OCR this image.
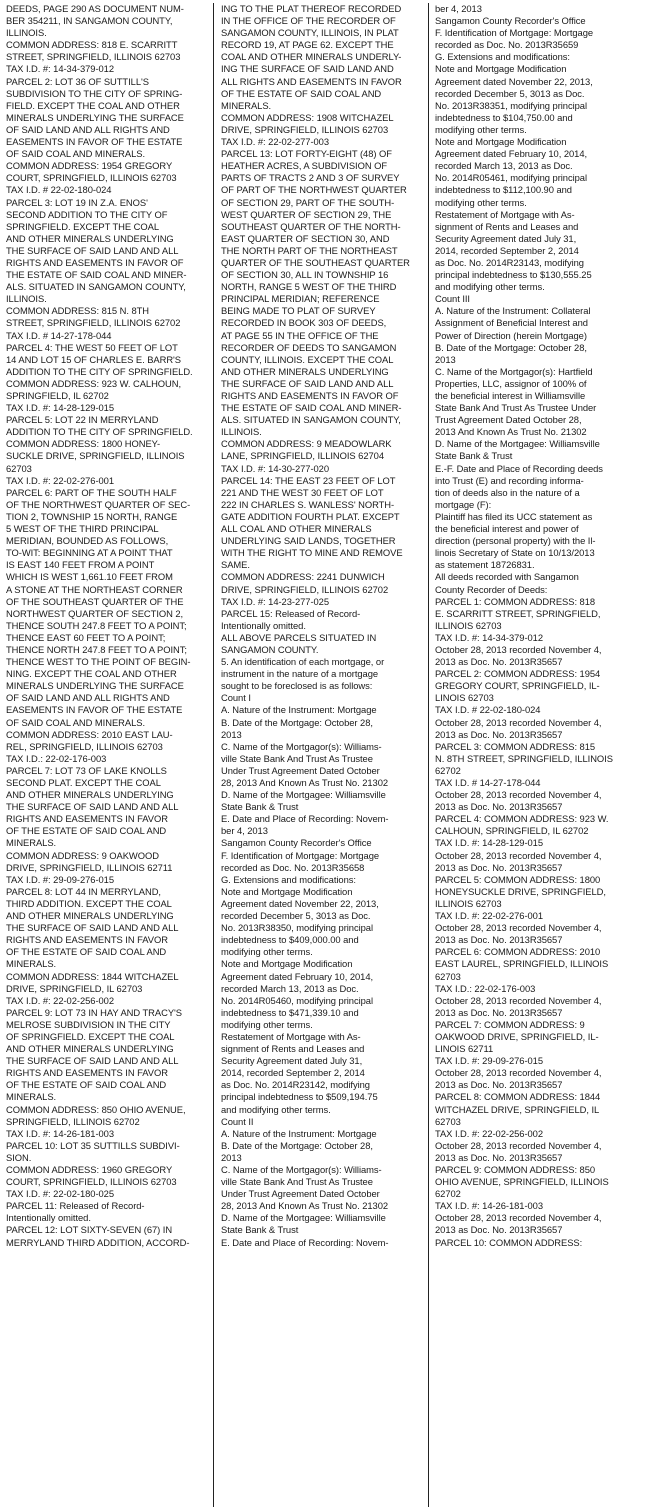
DEEDS, PAGE 290 AS DOCUMENT NUM-
BER 354211, IN SANGAMON COUNTY,
ILLINOIS.
COMMON ADDRESS: 818 E. SCARRITT
STREET, SPRINGFIELD, ILLINOIS 62703
TAX I.D. #: 14-34-379-012
PARCEL 2: LOT 36 OF SUTTILL'S
SUBDIVISION TO THE CITY OF SPRING-
FIELD. EXCEPT THE COAL AND OTHER
MINERALS UNDERLYING THE SURFACE
OF SAID LAND AND ALL RIGHTS AND
EASEMENTS IN FAVOR OF THE ESTATE
OF SAID COAL AND MINERALS.
COMMON ADDRESS: 1954 GREGORY
COURT, SPRINGFIELD, ILLINOIS 62703
TAX I.D. # 22-02-180-024
PARCEL 3: LOT 19 IN Z.A. ENOS'
SECOND ADDITION TO THE CITY OF
SPRINGFIELD. EXCEPT THE COAL
AND OTHER MINERALS UNDERLYING
THE SURFACE OF SAID LAND AND ALL
RIGHTS AND EASEMENTS IN FAVOR OF
THE ESTATE OF SAID COAL AND MINER-
ALS. SITUATED IN SANGAMON COUNTY,
ILLINOIS.
COMMON ADDRESS: 815 N. 8TH
STREET, SPRINGFIELD, ILLINOIS 62702
TAX I.D. # 14-27-178-044
PARCEL 4: THE WEST 50 FEET OF LOT
14 AND LOT 15 OF CHARLES E. BARR'S
ADDITION TO THE CITY OF SPRINGFIELD.
COMMON ADDRESS: 923 W. CALHOUN,
SPRINGFIELD, IL 62702
TAX I.D. #: 14-28-129-015
PARCEL 5: LOT 22 IN MERRYLAND
ADDITION TO THE CITY OF SPRINGFIELD.
COMMON ADDRESS: 1800 HONEY-
SUCKLE DRIVE, SPRINGFIELD, ILLINOIS
62703
TAX I.D. #: 22-02-276-001
PARCEL 6: PART OF THE SOUTH HALF
OF THE NORTHWEST QUARTER OF SEC-
TION 2, TOWNSHIP 15 NORTH, RANGE
5 WEST OF THE THIRD PRINCIPAL
MERIDIAN, BOUNDED AS FOLLOWS,
TO-WIT: BEGINNING AT A POINT THAT
IS EAST 140 FEET FROM A POINT
WHICH IS WEST 1,661.10 FEET FROM
A STONE AT THE NORTHEAST CORNER
OF THE SOUTHEAST QUARTER OF THE
NORTHWEST QUARTER OF SECTION 2,
THENCE SOUTH 247.8 FEET TO A POINT;
THENCE EAST 60 FEET TO A POINT;
THENCE NORTH 247.8 FEET TO A POINT;
THENCE WEST TO THE POINT OF BEGIN-
NING. EXCEPT THE COAL AND OTHER
MINERALS UNDERLYING THE SURFACE
OF SAID LAND AND ALL RIGHTS AND
EASEMENTS IN FAVOR OF THE ESTATE
OF SAID COAL AND MINERALS.
COMMON ADDRESS: 2010 EAST LAU-
REL, SPRINGFIELD, ILLINOIS 62703
TAX I.D.: 22-02-176-003
PARCEL 7: LOT 73 OF LAKE KNOLLS
SECOND PLAT. EXCEPT THE COAL
AND OTHER MINERALS UNDERLYING
THE SURFACE OF SAID LAND AND ALL
RIGHTS AND EASEMENTS IN FAVOR
OF THE ESTATE OF SAID COAL AND
MINERALS.
COMMON ADDRESS: 9 OAKWOOD
DRIVE, SPRINGFIELD, ILLINOIS 62711
TAX I.D. #: 29-09-276-015
PARCEL 8: LOT 44 IN MERRYLAND,
THIRD ADDITION. EXCEPT THE COAL
AND OTHER MINERALS UNDERLYING
THE SURFACE OF SAID LAND AND ALL
RIGHTS AND EASEMENTS IN FAVOR
OF THE ESTATE OF SAID COAL AND
MINERALS.
COMMON ADDRESS: 1844 WITCHAZEL
DRIVE, SPRINGFIELD, IL 62703
TAX I.D. #: 22-02-256-002
PARCEL 9: LOT 73 IN HAY AND TRACY'S
MELROSE SUBDIVISION IN THE CITY
OF SPRINGFIELD. EXCEPT THE COAL
AND OTHER MINERALS UNDERLYING
THE SURFACE OF SAID LAND AND ALL
RIGHTS AND EASEMENTS IN FAVOR
OF THE ESTATE OF SAID COAL AND
MINERALS.
COMMON ADDRESS: 850 OHIO AVENUE,
SPRINGFIELD, ILLINOIS 62702
TAX I.D. #: 14-26-181-003
PARCEL 10: LOT 35 SUTTILLS SUBDIVI-
SION.
COMMON ADDRESS: 1960 GREGORY
COURT, SPRINGFIELD, ILLINOIS 62703
TAX I.D. #: 22-02-180-025
PARCEL 11: Released of Record-
Intentionally omitted.
PARCEL 12: LOT SIXTY-SEVEN (67) IN
MERRYLAND THIRD ADDITION, ACCORD-
ING TO THE PLAT THEREOF RECORDED
IN THE OFFICE OF THE RECORDER OF
SANGAMON COUNTY, ILLINOIS, IN PLAT
RECORD 19, AT PAGE 62. EXCEPT THE
COAL AND OTHER MINERALS UNDERLY-
ING THE SURFACE OF SAID LAND AND
ALL RIGHTS AND EASEMENTS IN FAVOR
OF THE ESTATE OF SAID COAL AND
MINERALS.
COMMON ADDRESS: 1908 WITCHAZEL
DRIVE, SPRINGFIELD, ILLINOIS 62703
TAX I.D. #: 22-02-277-003
PARCEL 13: LOT FORTY-EIGHT (48) OF
HEATHER ACRES, A SUBDIVISION OF
PARTS OF TRACTS 2 AND 3 OF SURVEY
OF PART OF THE NORTHWEST QUARTER
OF SECTION 29, PART OF THE SOUTH-
WEST QUARTER OF SECTION 29, THE
SOUTHEAST QUARTER OF THE NORTH-
EAST QUARTER OF SECTION 30, AND
THE NORTH PART OF THE NORTHEAST
QUARTER OF THE SOUTHEAST QUARTER
OF SECTION 30, ALL IN TOWNSHIP 16
NORTH, RANGE 5 WEST OF THE THIRD
PRINCIPAL MERIDIAN; REFERENCE
BEING MADE TO PLAT OF SURVEY
RECORDED IN BOOK 303 OF DEEDS,
AT PAGE 55 IN THE OFFICE OF THE
RECORDER OF DEEDS TO SANGAMON
COUNTY, ILLINOIS. EXCEPT THE COAL
AND OTHER MINERALS UNDERLYING
THE SURFACE OF SAID LAND AND ALL
RIGHTS AND EASEMENTS IN FAVOR OF
THE ESTATE OF SAID COAL AND MINER-
ALS. SITUATED IN SANGAMON COUNTY,
ILLINOIS.
COMMON ADDRESS: 9 MEADOWLARK
LANE, SPRINGFIELD, ILLINOIS 62704
TAX I.D. #: 14-30-277-020
PARCEL 14: THE EAST 23 FEET OF LOT
221 AND THE WEST 30 FEET OF LOT
222 IN CHARLES S. WANLESS' NORTH-
GATE ADDITION FOURTH PLAT. EXCEPT
ALL COAL AND OTHER MINERALS
UNDERLYING SAID LANDS, TOGETHER
WITH THE RIGHT TO MINE AND REMOVE
SAME.
COMMON ADDRESS: 2241 DUNWICH
DRIVE, SPRINGFIELD, ILLINOIS 62702
TAX I.D. #: 14-23-277-025
PARCEL 15: Released of Record-
Intentionally omitted.
ALL ABOVE PARCELS SITUATED IN
SANGAMON COUNTY.
5. An identification of each mortgage, or
instrument in the nature of a mortgage
sought to be foreclosed is as follows:
Count I
A. Nature of the Instrument: Mortgage
B. Date of the Mortgage: October 28,
2013
C. Name of the Mortgagor(s): Williams-
ville State Bank And Trust As Trustee
Under Trust Agreement Dated October
28, 2013 And Known As Trust No. 21302
D. Name of the Mortgagee: Williamsville
State Bank & Trust
E. Date and Place of Recording: Novem-
ber 4, 2013
Sangamon County Recorder's Office
F. Identification of Mortgage: Mortgage
recorded as Doc. No. 2013R35658
G. Extensions and modifications:
Note and Mortgage Modification
Agreement dated November 22, 2013,
recorded December 5, 3013 as Doc.
No. 2013R38350, modifying principal
indebtedness to $409,000.00 and
modifying other terms.
Note and Mortgage Modification
Agreement dated February 10, 2014,
recorded March 13, 2013 as Doc.
No. 2014R05460, modifying principal
indebtedness to $471,339.10 and
modifying other terms.
Restatement of Mortgage with As-
signment of Rents and Leases and
Security Agreement dated July 31,
2014, recorded September 2, 2014
as Doc. No. 2014R23142, modifying
principal indebtedness to $509,194.75
and modifying other terms.
Count II
A. Nature of the Instrument: Mortgage
B. Date of the Mortgage: October 28,
2013
C. Name of the Mortgagor(s): Williams-
ville State Bank And Trust As Trustee
Under Trust Agreement Dated October
28, 2013 And Known As Trust No. 21302
D. Name of the Mortgagee: Williamsville
State Bank & Trust
E. Date and Place of Recording: Novem-
ber 4, 2013
Sangamon County Recorder's Office
F. Identification of Mortgage: Mortgage
recorded as Doc. No. 2013R35659
G. Extensions and modifications:
Note and Mortgage Modification
Agreement dated November 22, 2013,
recorded December 5, 3013 as Doc.
No. 2013R38351, modifying principal
indebtedness to $104,750.00 and
modifying other terms.
Note and Mortgage Modification
Agreement dated February 10, 2014,
recorded March 13, 2013 as Doc.
No. 2014R05461, modifying principal
indebtedness to $112,100.90 and
modifying other terms.
Restatement of Mortgage with As-
signment of Rents and Leases and
Security Agreement dated July 31,
2014, recorded September 2, 2014
as Doc. No. 2014R23143, modifying
principal indebtedness to $130,555.25
and modifying other terms.
Count III
A. Nature of the Instrument: Collateral
Assignment of Beneficial Interest and
Power of Direction (herein Mortgage)
B. Date of the Mortgage: October 28,
2013
C. Name of the Mortgagor(s): Hartfield
Properties, LLC, assignor of 100% of
the beneficial interest in Williamsville
State Bank And Trust As Trustee Under
Trust Agreement Dated October 28,
2013 And Known As Trust No. 21302
D. Name of the Mortgagee: Williamsville
State Bank & Trust
E.-F. Date and Place of Recording deeds
into Trust (E) and recording informa-
tion of deeds also in the nature of a
mortgage (F):
Plaintiff has filed its UCC statement as
the beneficial interest and power of
direction (personal property) with the Il-
linois Secretary of State on 10/13/2013
as statement 18726831.
All deeds recorded with Sangamon
County Recorder of Deeds:
PARCEL 1: COMMON ADDRESS: 818
E. SCARRITT STREET, SPRINGFIELD,
ILLINOIS 62703
TAX I.D. #: 14-34-379-012
October 28, 2013 recorded November 4,
2013 as Doc. No. 2013R35657
PARCEL 2: COMMON ADDRESS: 1954
GREGORY COURT, SPRINGFIELD, IL-
LINOIS 62703
TAX I.D. # 22-02-180-024
October 28, 2013 recorded November 4,
2013 as Doc. No. 2013R35657
PARCEL 3: COMMON ADDRESS: 815
N. 8TH STREET, SPRINGFIELD, ILLINOIS
62702
TAX I.D. # 14-27-178-044
October 28, 2013 recorded November 4,
2013 as Doc. No. 2013R35657
PARCEL 4: COMMON ADDRESS: 923 W.
CALHOUN, SPRINGFIELD, IL 62702
TAX I.D. #: 14-28-129-015
October 28, 2013 recorded November 4,
2013 as Doc. No. 2013R35657
PARCEL 5: COMMON ADDRESS: 1800
HONEYSUCKLE DRIVE, SPRINGFIELD,
ILLINOIS 62703
TAX I.D. #: 22-02-276-001
October 28, 2013 recorded November 4,
2013 as Doc. No. 2013R35657
PARCEL 6: COMMON ADDRESS: 2010
EAST LAUREL, SPRINGFIELD, ILLINOIS
62703
TAX I.D.: 22-02-176-003
October 28, 2013 recorded November 4,
2013 as Doc. No. 2013R35657
PARCEL 7: COMMON ADDRESS: 9
OAKWOOD DRIVE, SPRINGFIELD, IL-
LINOIS 62711
TAX I.D. #: 29-09-276-015
October 28, 2013 recorded November 4,
2013 as Doc. No. 2013R35657
PARCEL 8: COMMON ADDRESS: 1844
WITCHAZEL DRIVE, SPRINGFIELD, IL
62703
TAX I.D. #: 22-02-256-002
October 28, 2013 recorded November 4,
2013 as Doc. No. 2013R35657
PARCEL 9: COMMON ADDRESS: 850
OHIO AVENUE, SPRINGFIELD, ILLINOIS
62702
TAX I.D. #: 14-26-181-003
October 28, 2013 recorded November 4,
2013 as Doc. No. 2013R35657
PARCEL 10: COMMON ADDRESS:
